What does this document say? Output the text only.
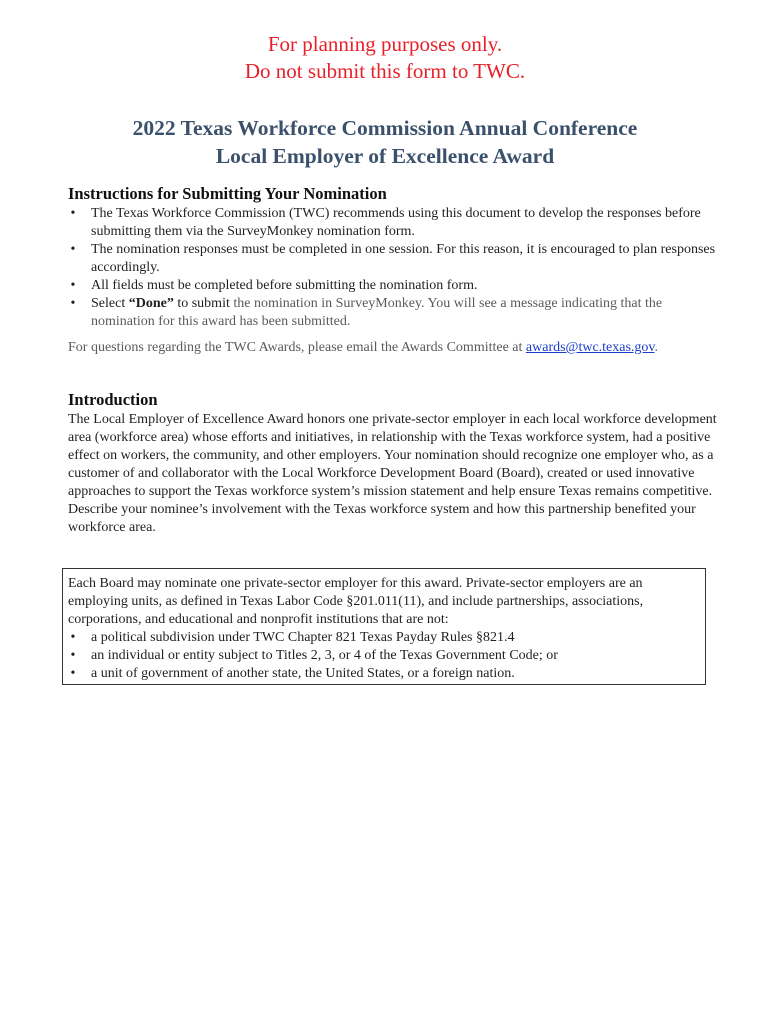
For planning purposes only.
Do not submit this form to TWC.
2022 Texas Workforce Commission Annual Conference
Local Employer of Excellence Award
Instructions for Submitting Your Nomination
• The Texas Workforce Commission (TWC) recommends using this document to develop the responses before submitting them via the SurveyMonkey nomination form.
• The nomination responses must be completed in one session. For this reason, it is encouraged to plan responses accordingly.
• All fields must be completed before submitting the nomination form.
• Select “Done” to submit the nomination in SurveyMonkey. You will see a message indicating that the nomination for this award has been submitted.
For questions regarding the TWC Awards, please email the Awards Committee at awards@twc.texas.gov.
Introduction

The Local Employer of Excellence Award honors one private-sector employer in each local workforce development area (workforce area) whose efforts and initiatives, in relationship with the Texas workforce system, had a positive effect on workers, the community, and other employers. Your nomination should recognize one employer who, as a customer of and collaborator with the Local Workforce Development Board (Board), created or used innovative approaches to support the Texas workforce system’s mission statement and help ensure Texas remains competitive. Describe your nominee’s involvement with the Texas workforce system and how this partnership benefited your workforce area.

Each Board may nominate one private-sector employer for this award. Private-sector employers are an employing units, as defined in Texas Labor Code §201.011(11), and include partnerships, associations, corporations, and educational and nonprofit institutions that are not:

• a political subdivision under TWC Chapter 821 Texas Payday Rules §821.4
• an individual or entity subject to Titles 2, 3, or 4 of the Texas Government Code; or
• a unit of government of another state, the United States, or a foreign nation.
